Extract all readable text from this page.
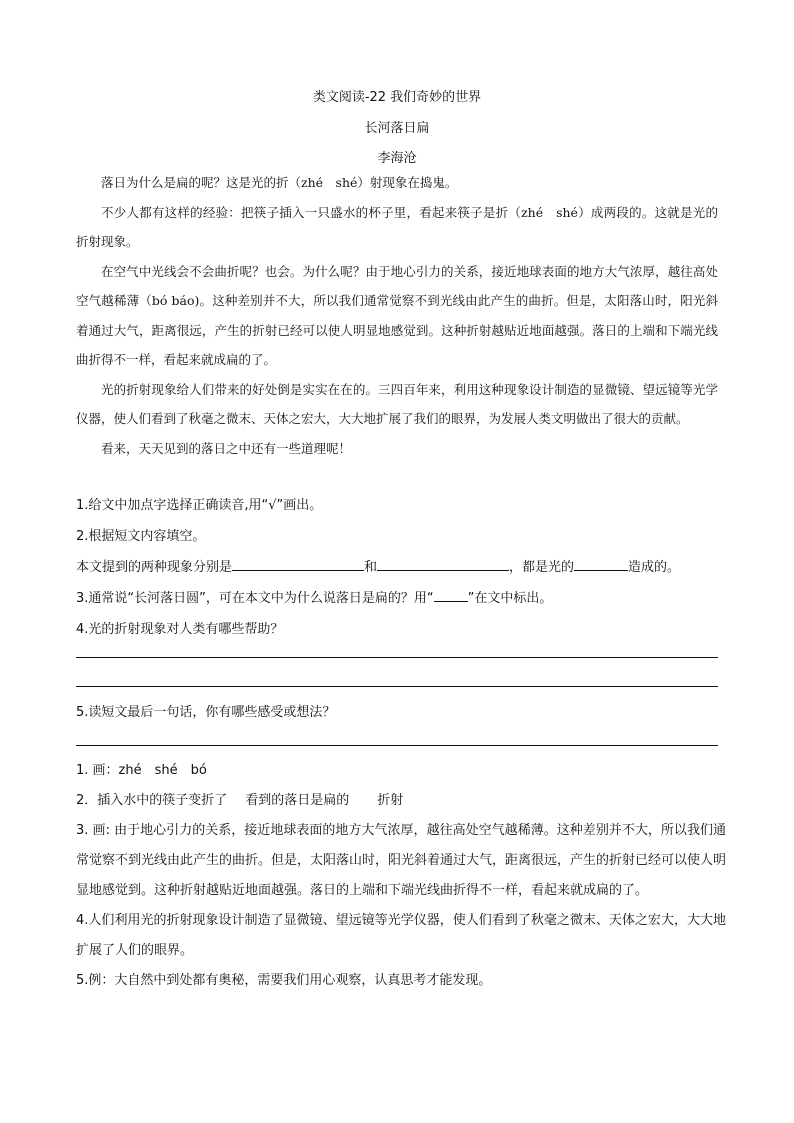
类文阅读-22 我们奇妙的世界
长河落日扁
李海沧

落日为什么是扁的呢？这是光的折（zhé　shé）射现象在捣鬼。

不少人都有这样的经验：把筷子插入一只盛水的杯子里，看起来筷子是折（zhé　shé）成两段的。这就是光的折射现象。

在空气中光线会不会曲折呢？也会。为什么呢？由于地心引力的关系，接近地球表面的地方大气浓厚，越往高处空气越稀薄（bó báo)。这种差别并不大，所以我们通常觉察不到光线由此产生的曲折。但是，太阳落山时，阳光斜着通过大气，距离很远，产生的折射已经可以使人明显地感觉到。这种折射越贴近地面越强。落日的上端和下端光线曲折得不一样，看起来就成扁的了。

光的折射现象给人们带来的好处倒是实实在在的。三四百年来，利用这种现象设计制造的显微镜、望远镜等光学仪器，使人们看到了秋毫之微末、天体之宏大，大大地扩展了我们的眼界，为发展人类文明做出了很大的贡献。

看来，天天见到的落日之中还有一些道理呢！

1.给文中加点字选择正确读音,用“√”画出。

2.根据短文内容填空。

本文提到的两种现象分别是	和	，都是光的	造成的。

3.通常说“长河落日圆”，可在本文中为什么说落日是扁的？用“	”在文中标出。

4.光的折射现象对人类有哪些帮助？

5.读短文最后一句话，你有哪些感受或想法？

1. 画：zhé　shé　bó

2．插入水中的筷子变折了 看到的落日是扁的 折射

3. 画: 由于地心引力的关系，接近地球表面的地方大气浓厚，越往高处空气越稀薄。这种差别并不大，所以我们通常觉察不到光线由此产生的曲折。但是，太阳落山时，阳光斜着通过大气，距离很远，产生的折射已经可以使人明显地感觉到。这种折射越贴近地面越强。落日的上端和下端光线曲折得不一样，看起来就成扁的了。

4.人们利用光的折射现象设计制造了显微镜、望远镜等光学仪器，使人们看到了秋毫之微末、天体之宏大，大大地扩展了人们的眼界。

5.例：大自然中到处都有奥秘，需要我们用心观察，认真思考才能发现。
